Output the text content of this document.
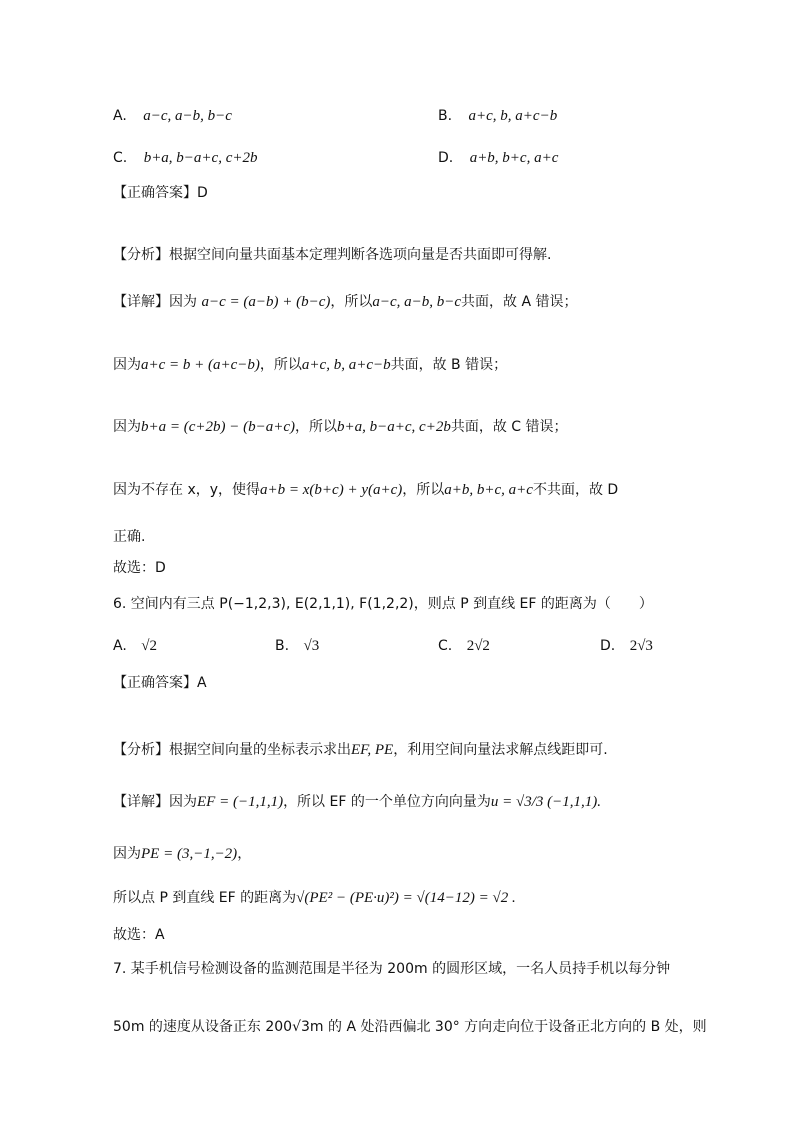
A. a−c, a−b, b−c	B. a+c, b, a+c−b
C. b+a, b−a+c, c+2b	D. a+b, b+c, a+c
【正确答案】D
【分析】根据空间向量共面基本定理判断各选项向量是否共面即可得解.
【详解】因为 a−c = (a−b) + (b−c)，所以a−c, a−b, b−c共面，故 A 错误；
因为a+c = b + (a+c−b)，所以a+c, b, a+c−b共面，故 B 错误；
因为b+a = (c+2b) − (b−a+c)，所以b+a, b−a+c, c+2b共面，故 C 错误；
因为不存在 x，y，使得a+b = x(b+c) + y(a+c)，所以a+b, b+c, a+c不共面，故 D
正确.
故选：D
6. 空间内有三点 P(−1,2,3), E(2,1,1), F(1,2,2)，则点 P 到直线 EF 的距离为（　　）
A. √2	B. √3	C. 2√2	D. 2√3
【正确答案】A
【分析】根据空间向量的坐标表示求出EF, PE，利用空间向量法求解点线距即可.
【详解】因为EF = (−1,1,1)，所以 EF 的一个单位方向向量为u = √3/3 (−1,1,1).
因为PE = (3,−1,−2)，
所以点 P 到直线 EF 的距离为√(PE² − (PE·u)²) = √(14−12) = √2 .
故选：A
7. 某手机信号检测设备的监测范围是半径为 200m 的圆形区域，一名人员持手机以每分钟
50m 的速度从设备正东 200√3m 的 A 处沿西偏北 30° 方向走向位于设备正北方向的 B 处，则
